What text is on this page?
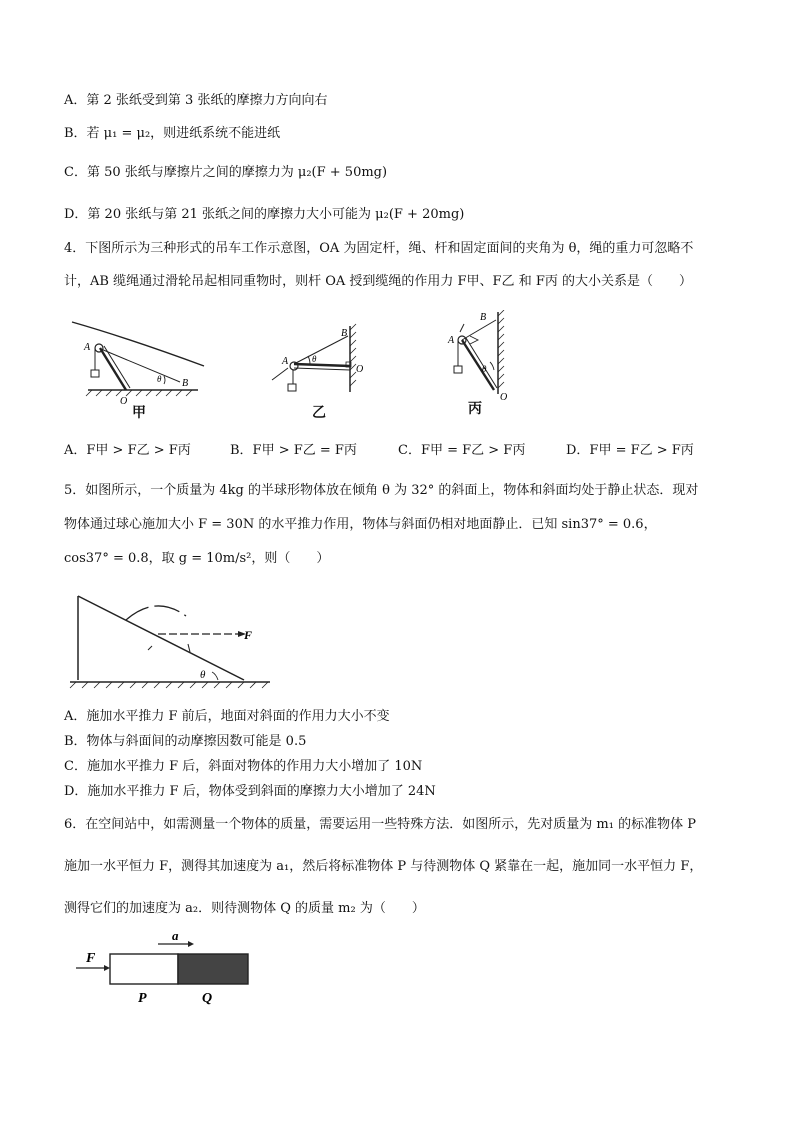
A．第 2 张纸受到第 3 张纸的摩擦力方向向右
B．若 μ₁ = μ₂，则进纸系统不能进纸
C．第 50 张纸与摩擦片之间的摩擦力为 μ₂(F + 50mg)
D．第 20 张纸与第 21 张纸之间的摩擦力大小可能为 μ₂(F + 20mg)
4．下图所示为三种形式的吊车工作示意图，OA 为固定杆，绳、杆和固定面间的夹角为 θ，绳的重力可忽略不
计，AB 缆绳通过滑轮吊起相同重物时，则杆 OA 授到缆绳的作用力 F甲、F乙 和 F丙 的大小关系是（　　）
A
O
B
θ
甲
A
O
B
θ
乙
A
O
B
θ
丙
A．F甲 > F乙 > F丙	B．F甲 > F乙 = F丙	C．F甲 = F乙 > F丙	D．F甲 = F乙 > F丙
5．如图所示，一个质量为 4kg 的半球形物体放在倾角 θ 为 32° 的斜面上，物体和斜面均处于静止状态．现对
物体通过球心施加大小 F = 30N 的水平推力作用，物体与斜面仍相对地面静止．已知 sin37° = 0.6，
cos37° = 0.8，取 g = 10m/s²，则（　　）
F
θ
A．施加水平推力 F 前后，地面对斜面的作用力大小不变
B．物体与斜面间的动摩擦因数可能是 0.5
C．施加水平推力 F 后，斜面对物体的作用力大小增加了 10N
D．施加水平推力 F 后，物体受到斜面的摩擦力大小增加了 24N
6．在空间站中，如需测量一个物体的质量，需要运用一些特殊方法．如图所示，先对质量为 m₁ 的标准物体 P
施加一水平恒力 F，测得其加速度为 a₁，然后将标准物体 P 与待测物体 Q 紧靠在一起，施加同一水平恒力 F，
测得它们的加速度为 a₂．则待测物体 Q 的质量 m₂ 为（　　）
F
a
P	Q
